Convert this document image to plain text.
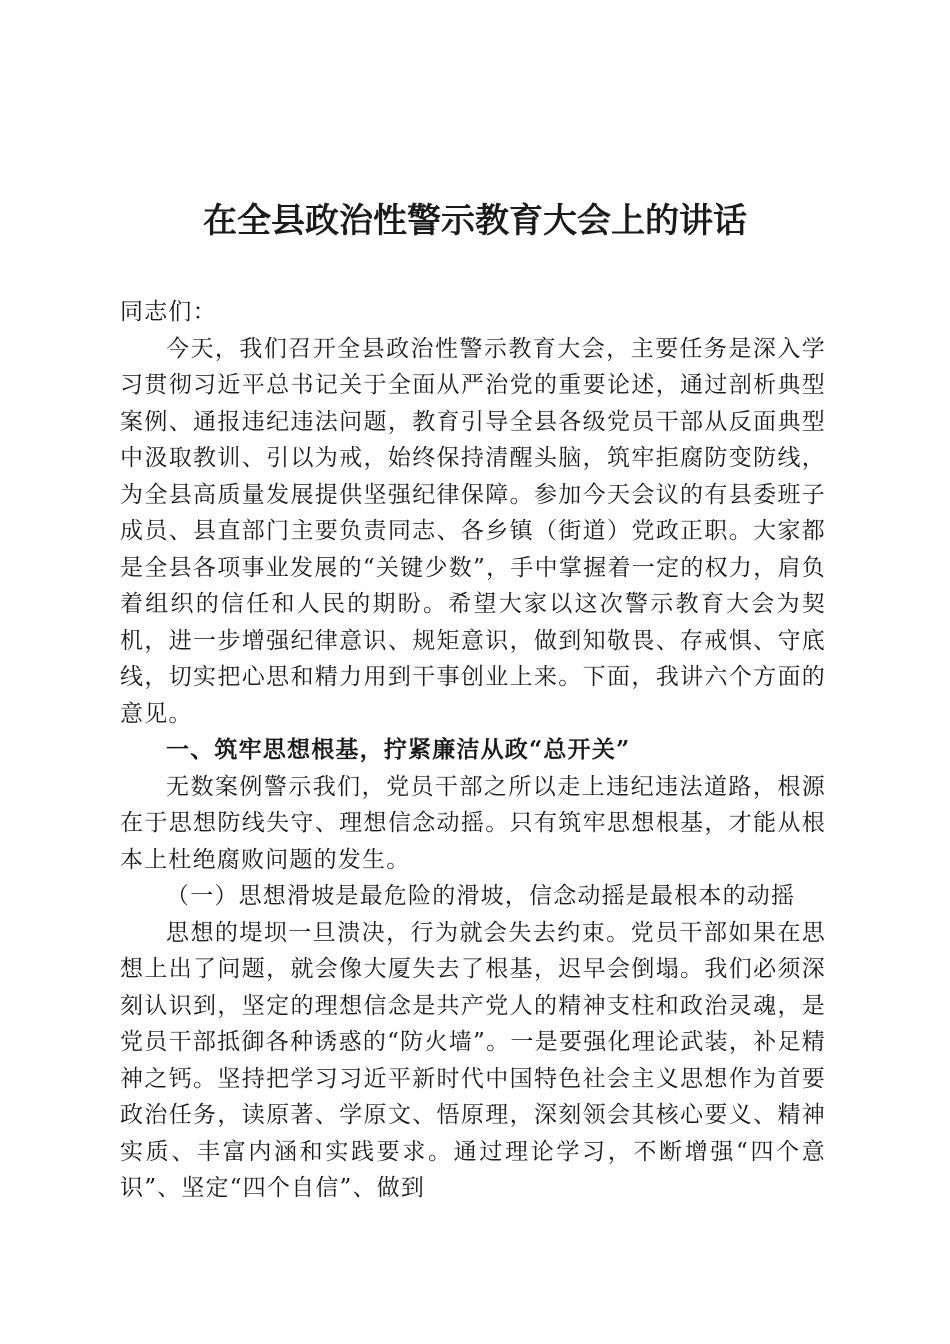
在全县政治性警示教育大会上的讲话

同志们：

今天，我们召开全县政治性警示教育大会，主要任务是深入学习贯彻习近平总书记关于全面从严治党的重要论述，通过剖析典型案例、通报违纪违法问题，教育引导全县各级党员干部从反面典型中汲取教训、引以为戒，始终保持清醒头脑，筑牢拒腐防变防线，为全县高质量发展提供坚强纪律保障。参加今天会议的有县委班子成员、县直部门主要负责同志、各乡镇（街道）党政正职。大家都是全县各项事业发展的“关键少数”，手中掌握着一定的权力，肩负着组织的信任和人民的期盼。希望大家以这次警示教育大会为契机，进一步增强纪律意识、规矩意识，做到知敬畏、存戒惧、守底线，切实把心思和精力用到干事创业上来。下面，我讲六个方面的意见。

一、筑牢思想根基，拧紧廉洁从政“总开关”

无数案例警示我们，党员干部之所以走上违纪违法道路，根源在于思想防线失守、理想信念动摇。只有筑牢思想根基，才能从根本上杜绝腐败问题的发生。

（一）思想滑坡是最危险的滑坡，信念动摇是最根本的动摇

思想的堤坝一旦溃决，行为就会失去约束。党员干部如果在思想上出了问题，就会像大厦失去了根基，迟早会倒塌。我们必须深刻认识到，坚定的理想信念是共产党人的精神支柱和政治灵魂，是党员干部抵御各种诱惑的“防火墙”。一是要强化理论武装，补足精神之钙。坚持把学习习近平新时代中国特色社会主义思想作为首要政治任务，读原著、学原文、悟原理，深刻领会其核心要义、精神实质、丰富内涵和实践要求。通过理论学习，不断增强“四个意识”、坚定“四个自信”、做到
